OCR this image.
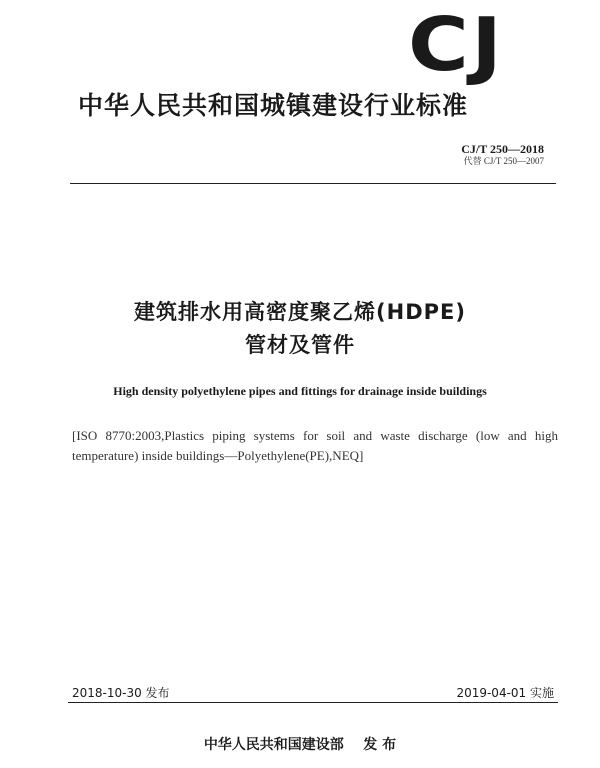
CJ
中华人民共和国城镇建设行业标准
CJ/T 250—2018
代替 CJ/T 250—2007
建筑排水用高密度聚乙烯(HDPE)
管材及管件
High density polyethylene pipes and fittings for drainage inside buildings
[ISO 8770:2003,Plastics piping systems for soil and waste discharge (low and high temperature) inside buildings—Polyethylene(PE),NEQ]
2018-10-30 发布	2019-04-01 实施
中华人民共和国建设部    发 布
